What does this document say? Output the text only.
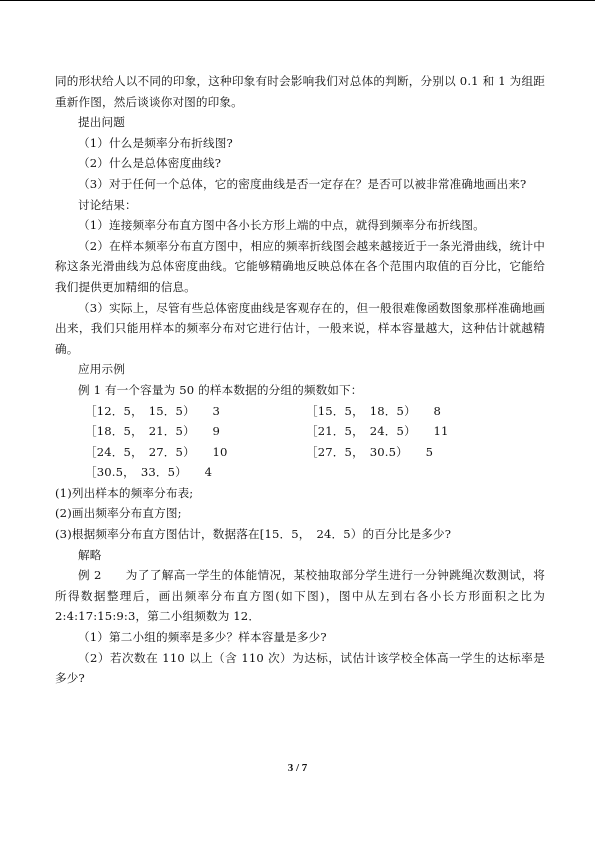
同的形状给人以不同的印象，这种印象有时会影响我们对总体的判断，分别以 0.1 和 1 为组距重新作图，然后谈谈你对图的印象。

提出问题

（1）什么是频率分布折线图?

（2）什么是总体密度曲线?

（3）对于任何一个总体，它的密度曲线是否一定存在？是否可以被非常准确地画出来?

讨论结果：

（1）连接频率分布直方图中各小长方形上端的中点，就得到频率分布折线图。

（2）在样本频率分布直方图中，相应的频率折线图会越来越接近于一条光滑曲线，统计中称这条光滑曲线为总体密度曲线。它能够精确地反映总体在各个范围内取值的百分比，它能给我们提供更加精细的信息。

（3）实际上，尽管有些总体密度曲线是客观存在的，但一般很难像函数图象那样准确地画出来，我们只能用样本的频率分布对它进行估计，一般来说，样本容量越大，这种估计就越精确。

应用示例

例 1 有一个容量为 50 的样本数据的分组的频数如下：

［12．5，　15．5）　　3	［15．5，　18．5）　　8
［18．5，　21．5）　　9	［21．5，　24．5）　　11
［24．5，　27．5）　　10	［27．5，　30.5）　　5
［30.5，　33．5）　　4

(1)列出样本的频率分布表;

(2)画出频率分布直方图;

(3)根据频率分布直方图估计，数据落在[15．5，　24．5）的百分比是多少?

解略

例 2　　为了了解高一学生的体能情况，某校抽取部分学生进行一分钟跳绳次数测试，将所得数据整理后，画出频率分布直方图(如下图)，图中从左到右各小长方形面积之比为 2:4:17:15:9:3，第二小组频数为 12．

（1）第二小组的频率是多少？样本容量是多少?

（2）若次数在 110 以上（含 110 次）为达标，试估计该学校全体高一学生的达标率是多少?

3 / 7
